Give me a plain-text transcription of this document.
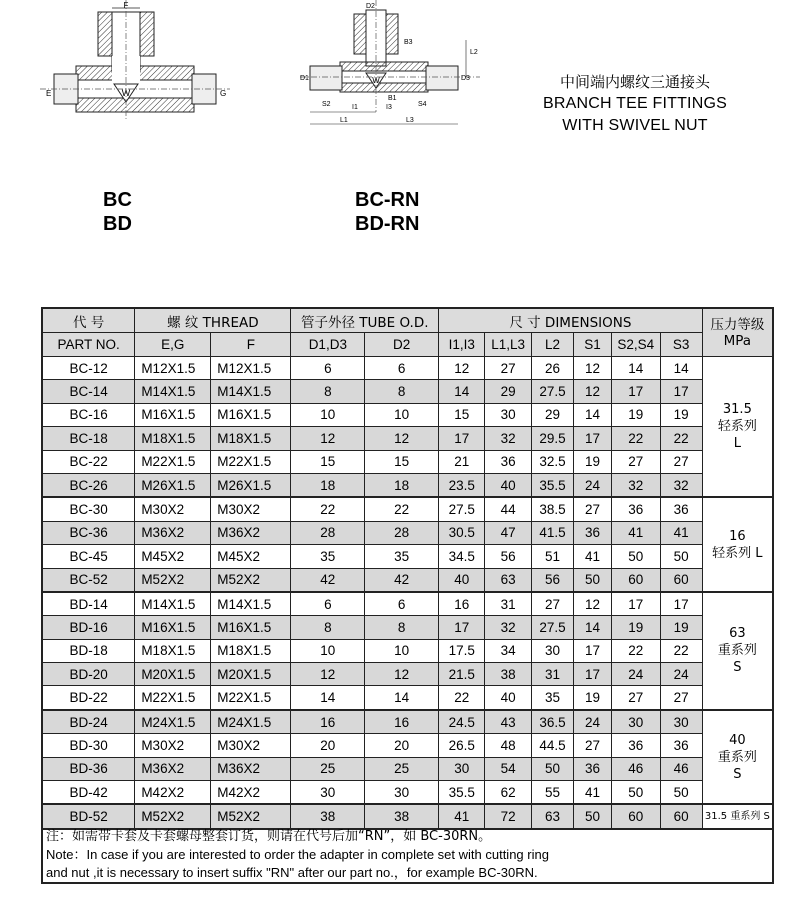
W
F
E	G
W
D2
B3
L2
D1	D3
S2
B1
S4
I1	I3
L1	L3
中间端内螺纹三通接头
BRANCH TEE FITTINGS
WITH SWIVEL NUT
BC
BD
BC-RN
BD-RN
代 号	螺 纹 THREAD		管子外径 TUBE O.D.		尺 寸 DIMENSIONS						压力等级
MPa

PART NO.	E,G	F	D1,D3	D2	I1,I3	L1,L3	L2	S1	S2,S4	S3	
BC-12	M12X1.5	M12X1.5	6	6	12	27	26	12	14	14	31.5
轻系列
L

BC-14	M14X1.5	M14X1.5	8	8	14	29	27.5	12	17	17	
BC-16	M16X1.5	M16X1.5	10	10	15	30	29	14	19	19	
BC-18	M18X1.5	M18X1.5	12	12	17	32	29.5	17	22	22	
BC-22	M22X1.5	M22X1.5	15	15	21	36	32.5	19	27	27	
BC-26	M26X1.5	M26X1.5	18	18	23.5	40	35.5	24	32	32	
BC-30	M30X2	M30X2	22	22	27.5	44	38.5	27	36	36	16
轻系列 L

BC-36	M36X2	M36X2	28	28	30.5	47	41.5	36	41	41	
BC-45	M45X2	M45X2	35	35	34.5	56	51	41	50	50	
BC-52	M52X2	M52X2	42	42	40	63	56	50	60	60	
BD-14	M14X1.5	M14X1.5	6	6	16	31	27	12	17	17	63
重系列
S

BD-16	M16X1.5	M16X1.5	8	8	17	32	27.5	14	19	19	
BD-18	M18X1.5	M18X1.5	10	10	17.5	34	30	17	22	22	
BD-20	M20X1.5	M20X1.5	12	12	21.5	38	31	17	24	24	
BD-22	M22X1.5	M22X1.5	14	14	22	40	35	19	27	27	
BD-24	M24X1.5	M24X1.5	16	16	24.5	43	36.5	24	30	30	40
重系列
S

BD-30	M30X2	M30X2	20	20	26.5	48	44.5	27	36	36	
BD-36	M36X2	M36X2	25	25	30	54	50	36	46	46	
BD-42	M42X2	M42X2	30	30	35.5	62	55	41	50	50	
BD-52	M52X2	M52X2	38	38	41	72	63	50	60	60	31.5 重系列 S
注：如需带卡套及卡套螺母整套订货，则请在代号后加“RN”，如 BC-30RN。
Note：In case if you are interested to order the adapter in complete set with cutting ring
and nut ,it is necessary to insert suffix "RN" after our part no.，for example BC-30RN.
